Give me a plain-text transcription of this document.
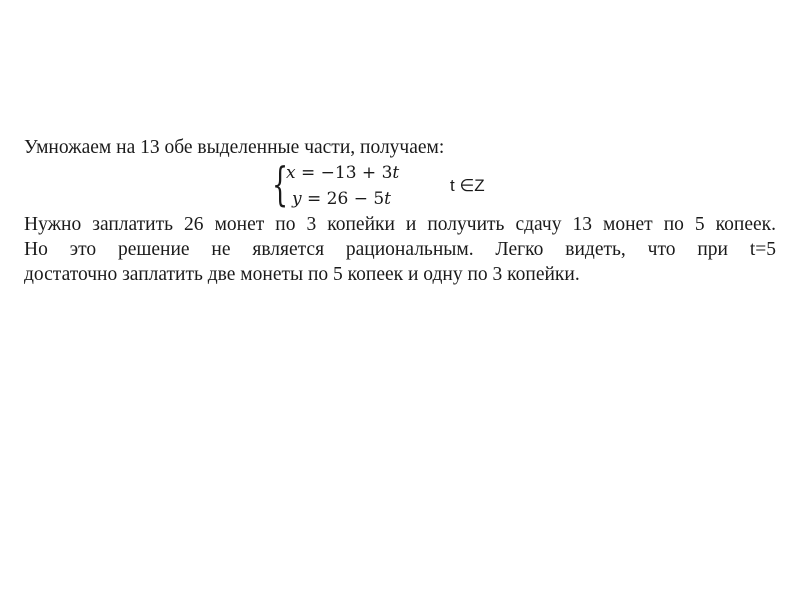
Умножаем на 13 обе выделенные части, получаем:
{
𝑥 = −13 + 3𝑡
𝑦 = 26 − 5𝑡
t ∈Z
Нужно заплатить 26 монет по 3 копейки и получить сдачу 13 монет по 5 копеек.
Но это решение не является рациональным. Легко видеть, что при t=5
достаточно заплатить две монеты по 5 копеек и одну по 3 копейки.
